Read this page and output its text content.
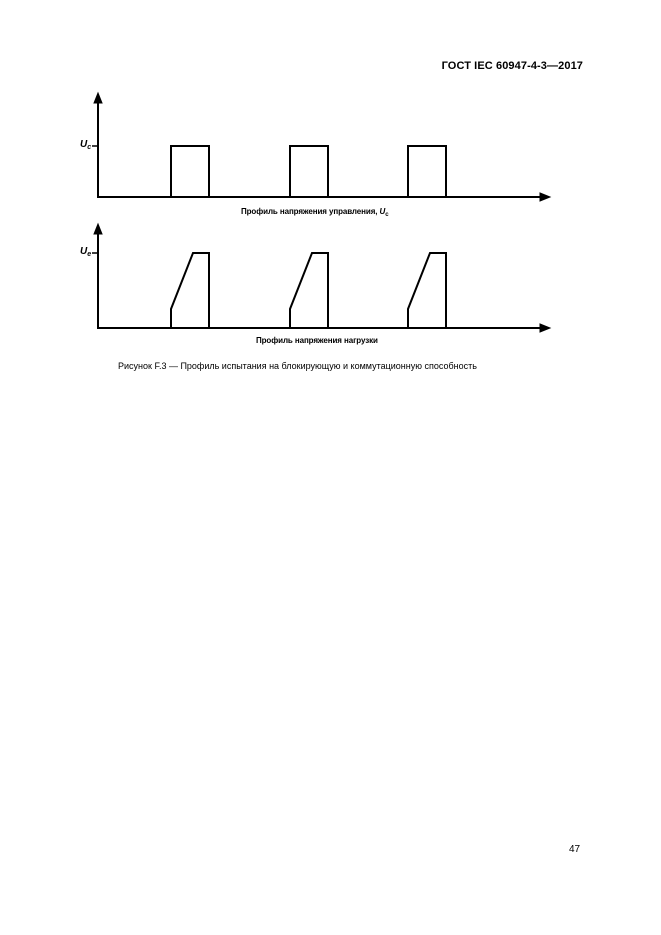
ГОСТ IEC 60947-4-3—2017
$U_c$
Профиль напряжения управления, $U_c$
$U_e$
Профиль напряжения нагрузки
Рисунок F.3 — Профиль испытания на блокирующую и коммутационную способность
47
